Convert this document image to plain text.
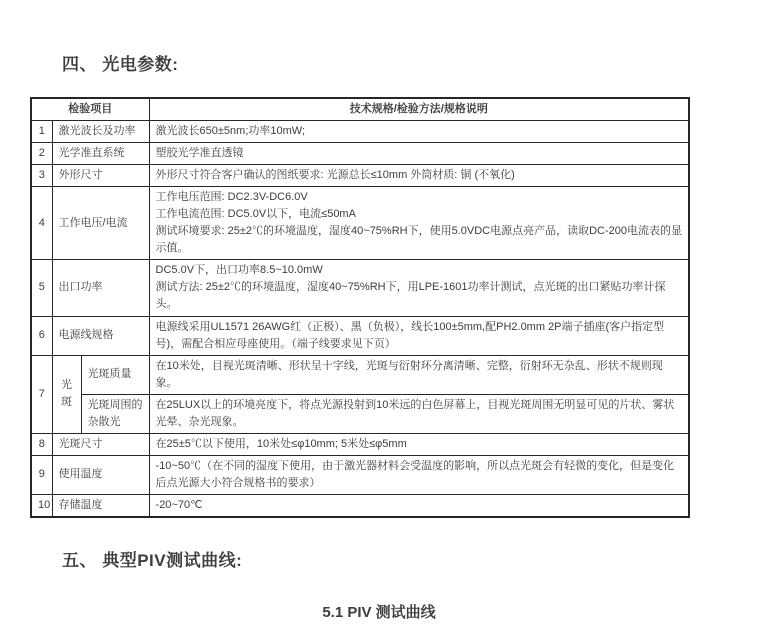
四、 光电参数:
检验项目			技术规格/检验方法/规格说明
1	激光波长及功率		激光波长650±5nm;功率10mW;

2	光学准直系统		塑胶光学准直透镜

3	外形尺寸		外形尺寸符合客户确认的图纸要求: 光源总长≤10mm 外筒材质: 铜 (不氧化)

4	工作电压/电流		工作电压范围: DC2.3V-DC6.0V
工作电流范围: DC5.0V以下，电流≤50mA
测试环境要求: 25±2℃的环境温度，湿度40~75%RH下，使用5.0VDC电源点亮产品，读取DC-200电流表的显示值。

5	出口功率		DC5.0V下，出口功率8.5~10.0mW
测试方法: 25±2℃的环境温度，湿度40~75%RH下，用LPE-1601功率计测试，点光斑的出口紧贴功率计探头。

6	电源线规格		电源线采用UL1571 26AWG红（正极）、黑（负极），线长100±5mm,配PH2.0mm 2P端子插座(客户指定型号)，需配合相应母座使用。（端子线要求见下页）

7	光斑	光斑质量	在10米处，目视光斑清晰、形状呈十字线，光斑与衍射环分离清晰、完整，衍射环无杂乱、形状不规则现象。

		光斑周围的杂散光	在25LUX以上的环境亮度下，将点光源投射到10米远的白色屏幕上，目视光斑周围无明显可见的片状、雾状光晕、杂光现象。

8	光斑尺寸		在25±5℃以下使用，10米处≤φ10mm; 5米处≤φ5mm

9	使用温度		-10~50℃（在不同的湿度下使用，由于激光器材料会受温度的影响，所以点光斑会有轻微的变化，但是变化后点光源大小符合规格书的要求）

10	存储温度		-20~70℃
五、 典型PIV测试曲线:
5.1 PIV 测试曲线
